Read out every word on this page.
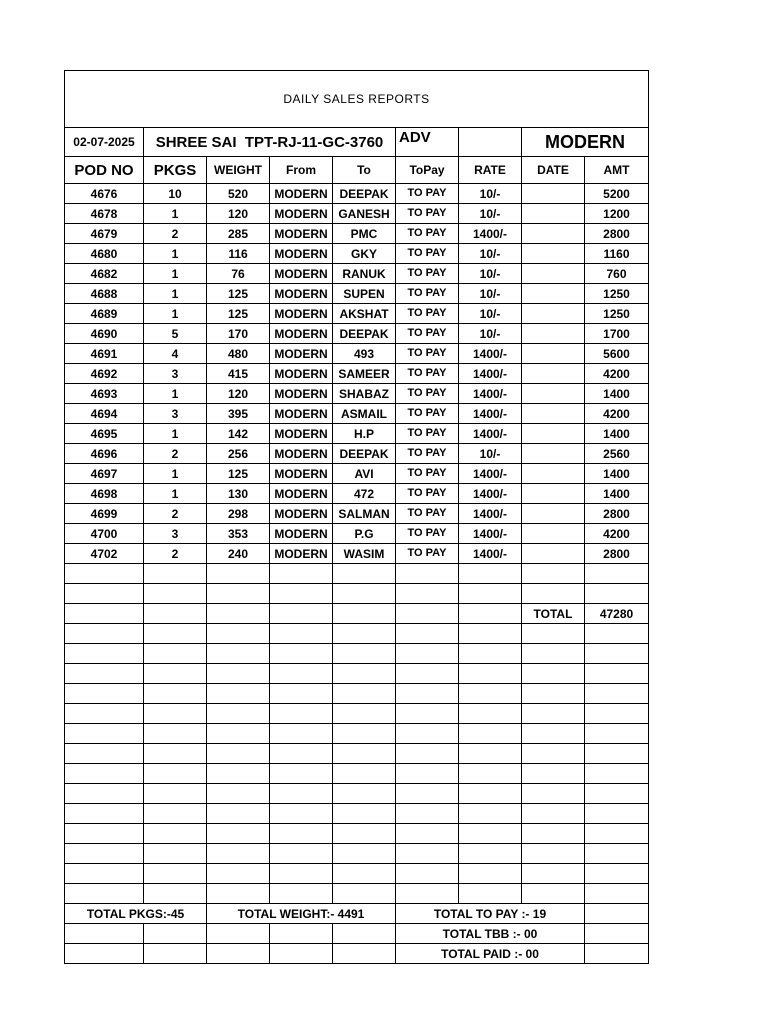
DAILY SALES REPORTS								
02-07-2025	SHREE SAI  TPT-RJ-11-GC-3760				ADV		MODERN	
POD NO	PKGS	WEIGHT	From	To	ToPay	RATE	DATE	AMT
4676	10	520	MODERN	DEEPAK	TO PAY	10/-		5200
4678	1	120	MODERN	GANESH	TO PAY	10/-		1200
4679	2	285	MODERN	PMC	TO PAY	1400/-		2800
4680	1	116	MODERN	GKY	TO PAY	10/-		1160
4682	1	76	MODERN	RANUK	TO PAY	10/-		760
4688	1	125	MODERN	SUPEN	TO PAY	10/-		1250
4689	1	125	MODERN	AKSHAT	TO PAY	10/-		1250
4690	5	170	MODERN	DEEPAK	TO PAY	10/-		1700
4691	4	480	MODERN	493	TO PAY	1400/-		5600
4692	3	415	MODERN	SAMEER	TO PAY	1400/-		4200
4693	1	120	MODERN	SHABAZ	TO PAY	1400/-		1400
4694	3	395	MODERN	ASMAIL	TO PAY	1400/-		4200
4695	1	142	MODERN	H.P	TO PAY	1400/-		1400
4696	2	256	MODERN	DEEPAK	TO PAY	10/-		2560
4697	1	125	MODERN	AVI	TO PAY	1400/-		1400
4698	1	130	MODERN	472	TO PAY	1400/-		1400
4699	2	298	MODERN	SALMAN	TO PAY	1400/-		2800
4700	3	353	MODERN	P.G	TO PAY	1400/-		4200
4702	2	240	MODERN	WASIM	TO PAY	1400/-		2800

							TOTAL	47280

TOTAL PKGS:-45		TOTAL WEIGHT:- 4491			TOTAL TO PAY :- 19			
					TOTAL TBB :- 00			
					TOTAL PAID :- 00			
